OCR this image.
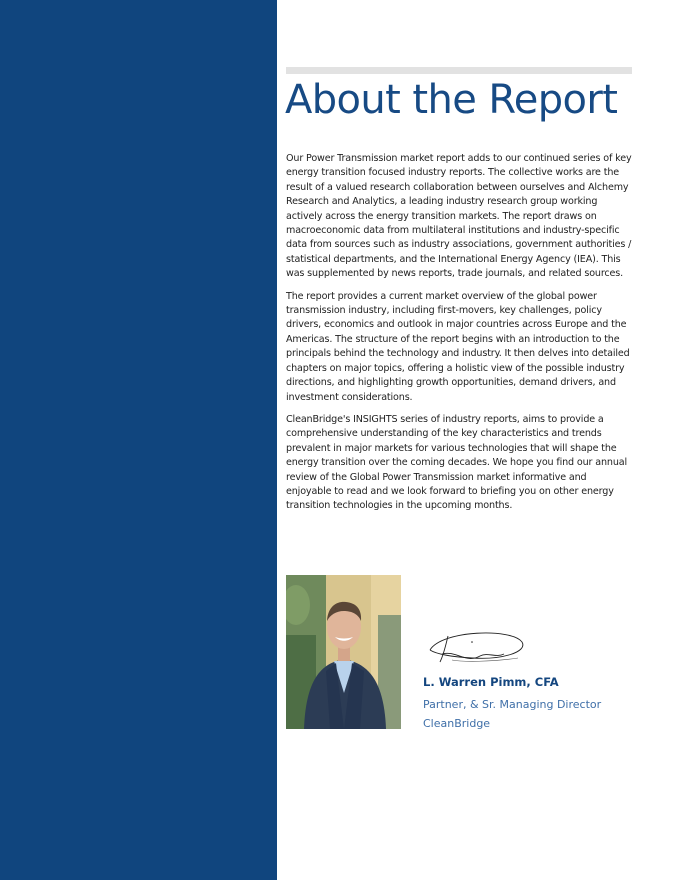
About the Report

Our Power Transmission market report adds to our continued series of key energy transition focused industry reports. The collective works are the result of a valued research collaboration between ourselves and Alchemy Research and Analytics, a leading industry research group working actively across the energy transition markets. The report draws on macroeconomic data from multilateral institutions and industry-specific data from sources such as industry associations, government authorities / statistical departments, and the International Energy Agency (IEA). This was supplemented by news reports, trade journals, and related sources.

The report provides a current market overview of the global power transmission industry, including first-movers, key challenges, policy drivers, economics and outlook in major countries across Europe and the Americas. The structure of the report begins with an introduction to the principals behind the technology and industry. It then delves into detailed chapters on major topics, offering a holistic view of the possible industry directions, and highlighting growth opportunities, demand drivers, and investment considerations.

CleanBridge's INSIGHTS series of industry reports, aims to provide a comprehensive understanding of the key characteristics and trends prevalent in major markets for various technologies that will shape the energy transition over the coming decades. We hope you find our annual review of the Global Power Transmission market informative and enjoyable to read and we look forward to briefing you on other energy transition technologies in the upcoming months.

L. Warren Pimm, CFA
Partner, & Sr. Managing Director
CleanBridge
